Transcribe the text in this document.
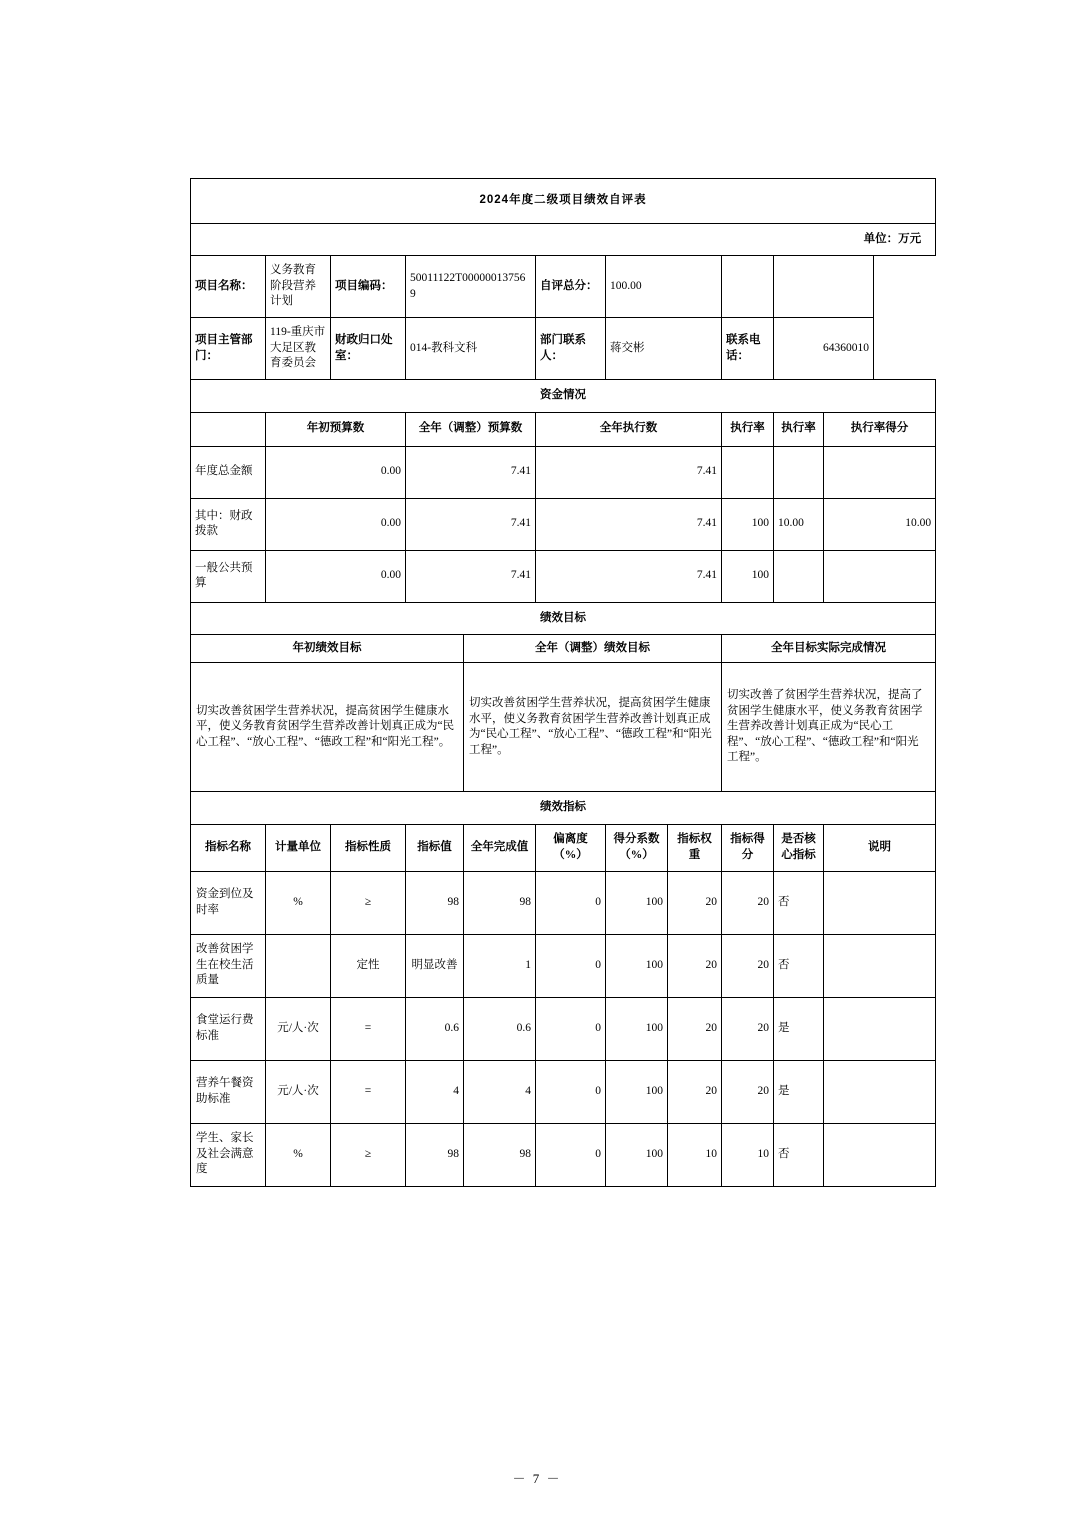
2024年度二级项目绩效自评表										
单位：万元										
项目名称：	义务教育阶段营养计划	项目编码：	50011122T000000137569		自评总分：	100.00				
项目主管部门：	119-重庆市大足区教育委员会	财政归口处室：	014-教科文科		部门联系人：	蒋交彬		联系电话：	64360010	
资金情况										
	年初预算数		全年（调整）预算数		全年执行数			执行率	执行率	执行率得分
年度总金额	0.00		7.41		7.41					
其中：财政拨款	0.00		7.41		7.41			100	10.00	10.00
一般公共预算	0.00		7.41		7.41			100		
绩效目标										
年初绩效目标				全年（调整）绩效目标				全年目标实际完成情况		
切实改善贫困学生营养状况，提高贫困学生健康水平，使义务教育贫困学生营养改善计划真正成为“民心工程”、“放心工程”、“德政工程”和“阳光工程”。				切实改善贫困学生营养状况，提高贫困学生健康水平，使义务教育贫困学生营养改善计划真正成为“民心工程”、“放心工程”、“德政工程”和“阳光工程”。				切实改善了贫困学生营养状况，提高了贫困学生健康水平，使义务教育贫困学生营养改善计划真正成为“民心工程”、“放心工程”、“德政工程”和“阳光工程”。		
绩效指标										
指标名称	计量单位	指标性质	指标值	全年完成值	偏离度（%）	得分系数（%）	指标权重	指标得分	是否核心指标	说明
资金到位及时率	%	≥	98	98	0	100	20	20	否	
改善贫困学生在校生活质量		定性	明显改善	1	0	100	20	20	否	
食堂运行费标准	元/人·次	=	0.6	0.6	0	100	20	20	是	
营养午餐资助标准	元/人·次	=	4	4	0	100	20	20	是	
学生、家长及社会满意度	%	≥	98	98	0	100	10	10	否	
－ 7 －
